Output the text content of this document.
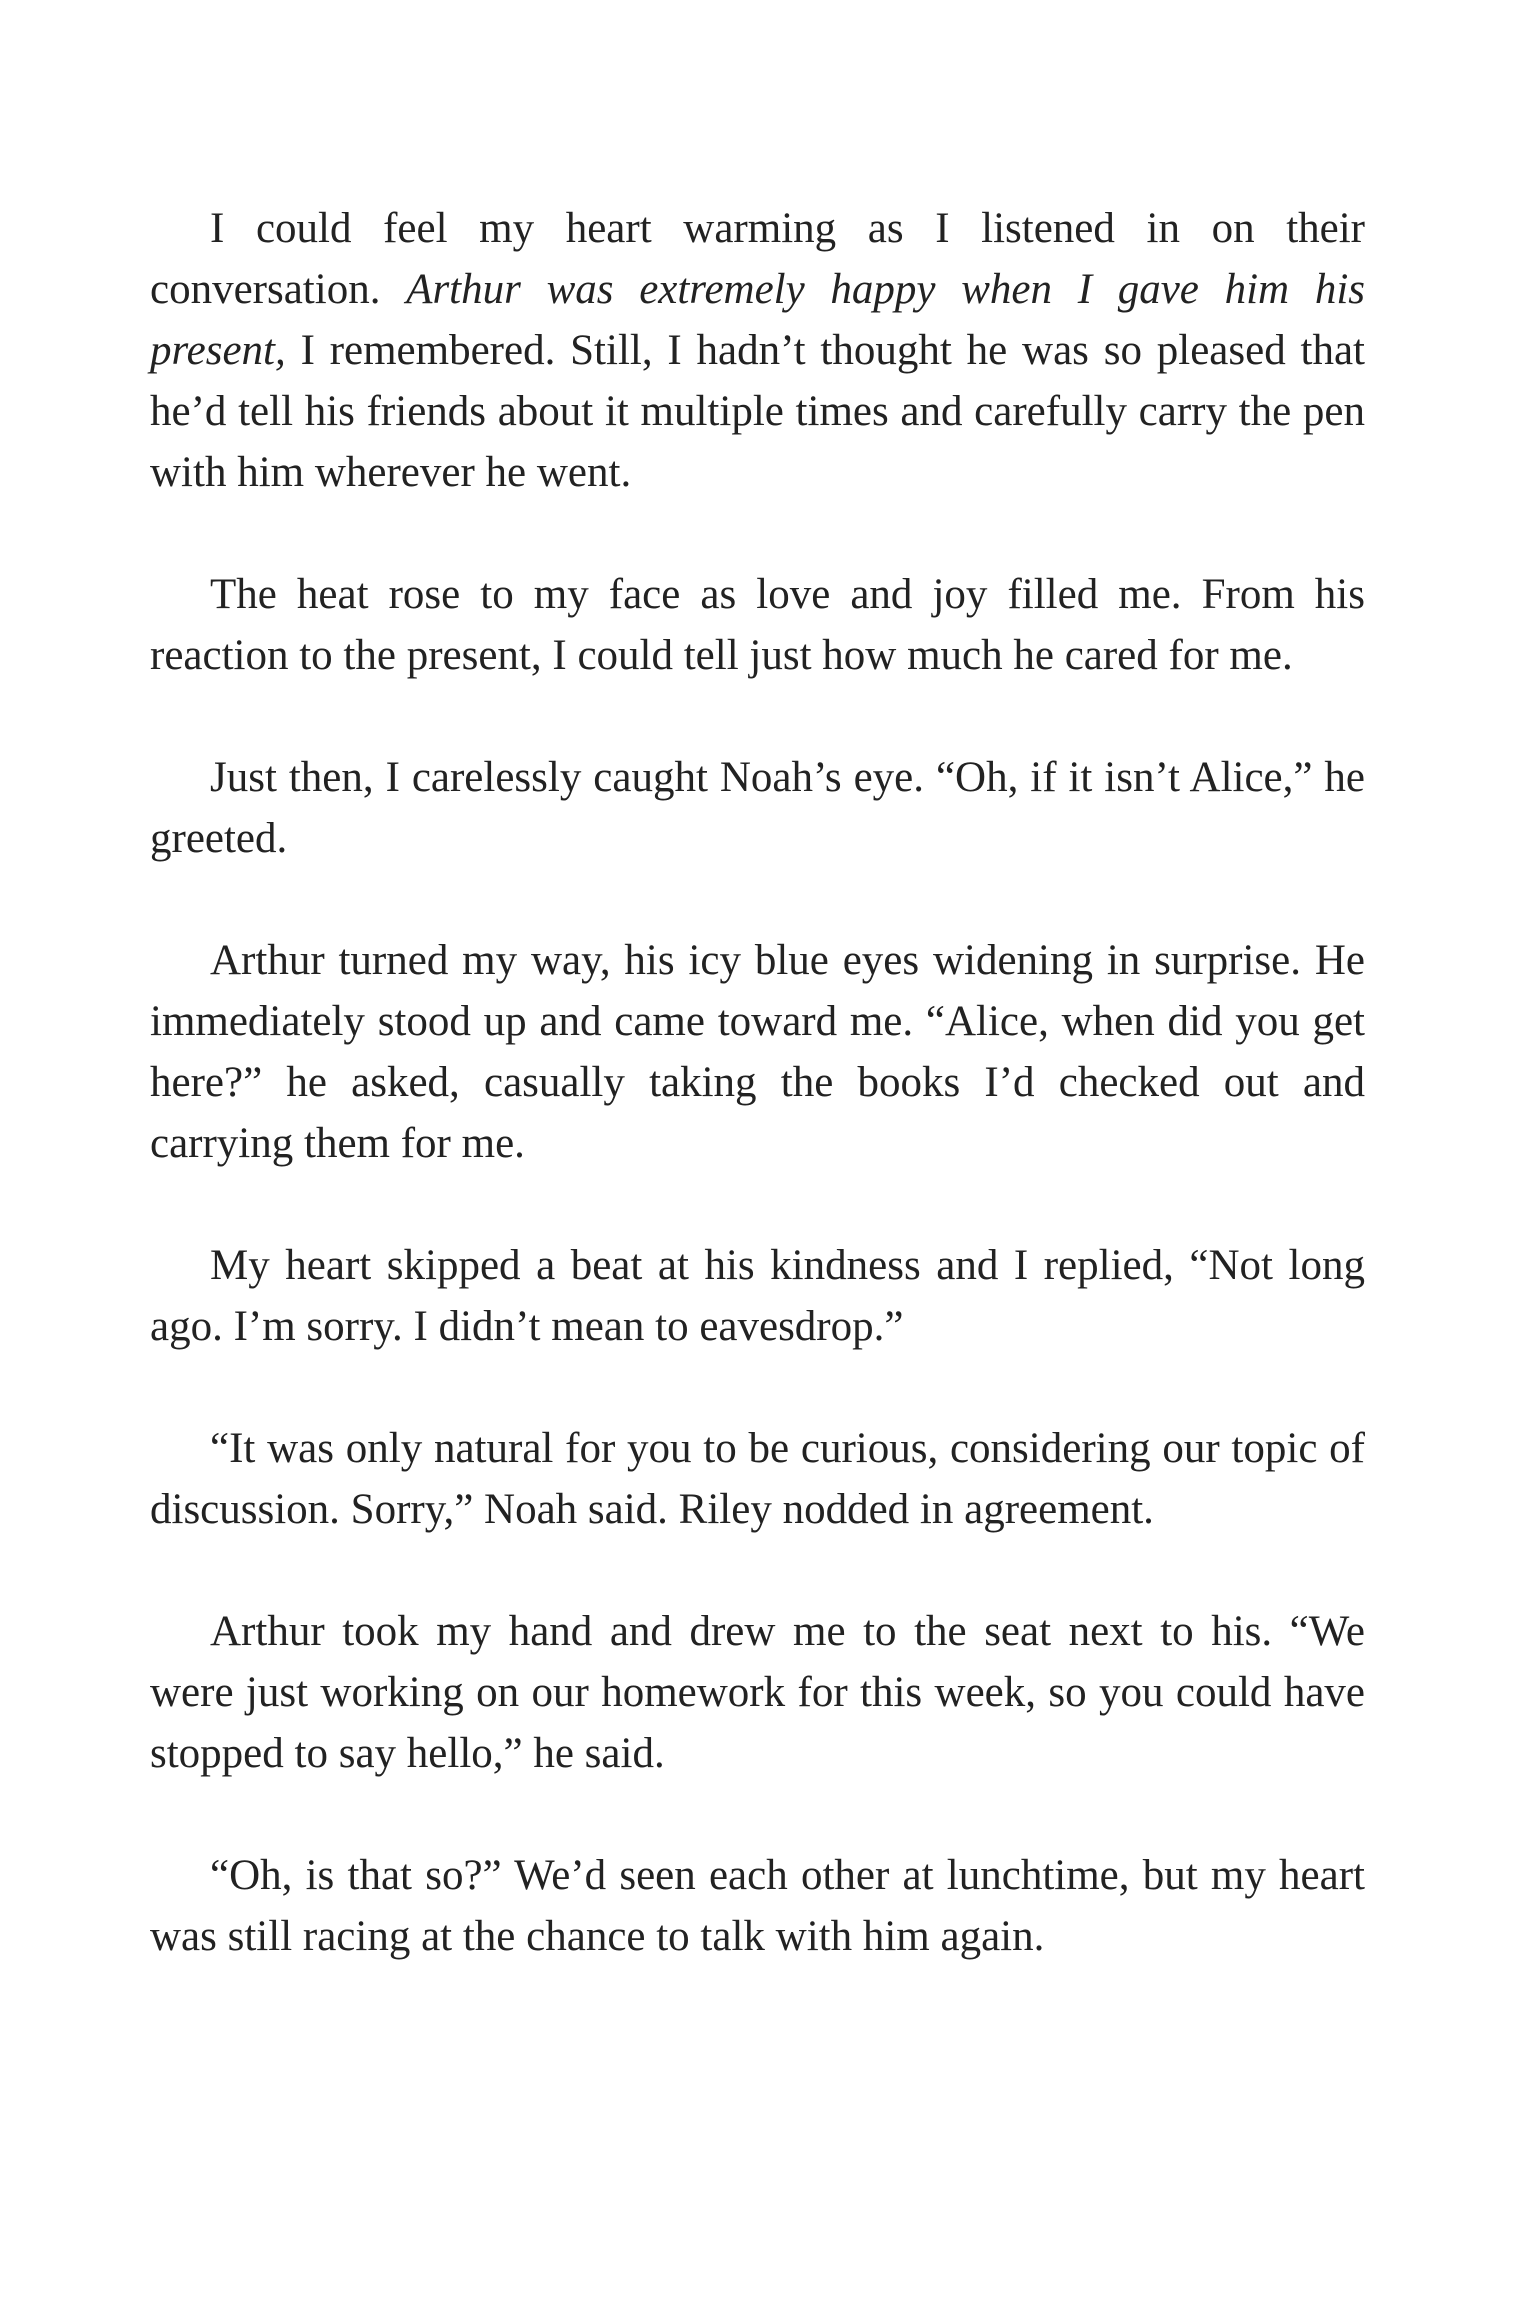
I could feel my heart warming as I listened in on their conversation. Arthur was extremely happy when I gave him his present, I remembered. Still, I hadn’t thought he was so pleased that he’d tell his friends about it multiple times and carefully carry the pen with him wherever he went.

The heat rose to my face as love and joy filled me. From his reaction to the present, I could tell just how much he cared for me.

Just then, I carelessly caught Noah’s eye. “Oh, if it isn’t Alice,” he greeted.

Arthur turned my way, his icy blue eyes widening in surprise. He immediately stood up and came toward me. “Alice, when did you get here?” he asked, casually taking the books I’d checked out and carrying them for me.

My heart skipped a beat at his kindness and I replied, “Not long ago. I’m sorry. I didn’t mean to eavesdrop.”

“It was only natural for you to be curious, considering our topic of discussion. Sorry,” Noah said. Riley nodded in agreement.

Arthur took my hand and drew me to the seat next to his. “We were just working on our homework for this week, so you could have stopped to say hello,” he said.

“Oh, is that so?” We’d seen each other at lunchtime, but my heart was still racing at the chance to talk with him again.
